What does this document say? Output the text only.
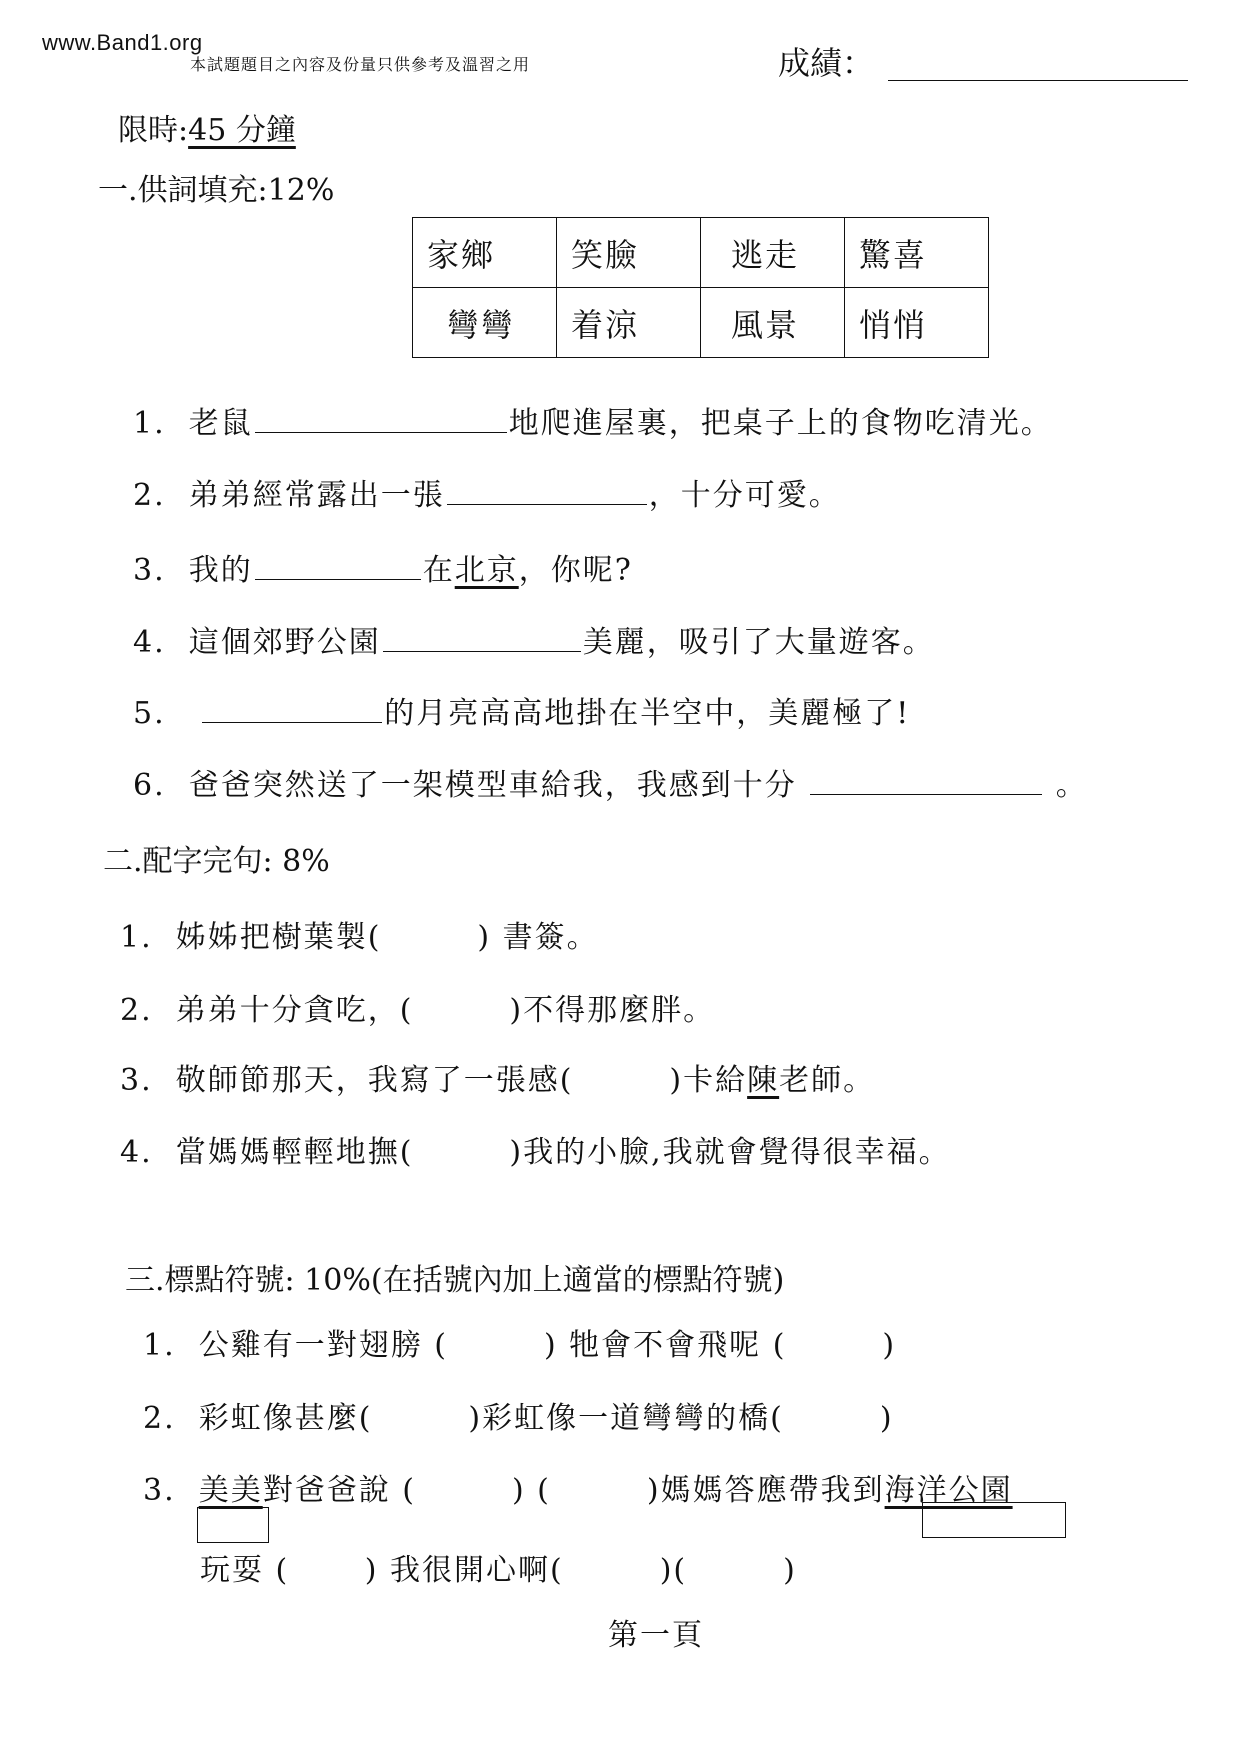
www.Band1.org
本試題題目之內容及份量只供參考及溫習之用	成績：
限時:45 分鐘
一.供詞填充:12%
家鄉	笑臉	逃走	驚喜
彎彎	着涼	風景	悄悄
1. 老鼠	地爬進屋裏，把桌子上的食物吃清光。
2. 弟弟經常露出一張	，十分可愛。
3. 我的	在北京，你呢?
4. 這個郊野公園	美麗，吸引了大量遊客。
5.	的月亮高高地掛在半空中，美麗極了!
6. 爸爸突然送了一架模型車給我，我感到十分	。
二.配字完句: 8%
1. 姊姊把樹葉製(　　　) 書簽。
2. 弟弟十分貪吃，(　　　)不得那麼胖。
3. 敬師節那天，我寫了一張感(　　　)卡給陳老師。
4. 當媽媽輕輕地撫(　　　)我的小臉,我就會覺得很幸福。
三.標點符號: 10%(在括號內加上適當的標點符號)
1. 公雞有一對翅膀 (　　　) 牠會不會飛呢 (　　　)
2. 彩虹像甚麼(　　　)彩虹像一道彎彎的橋(　　　)
3. 美美對爸爸說 (　　　) (　　　)媽媽答應帶我到海洋公園
玩耍 (　　 ) 我很開心啊(　　　)(　　　)
第一頁
